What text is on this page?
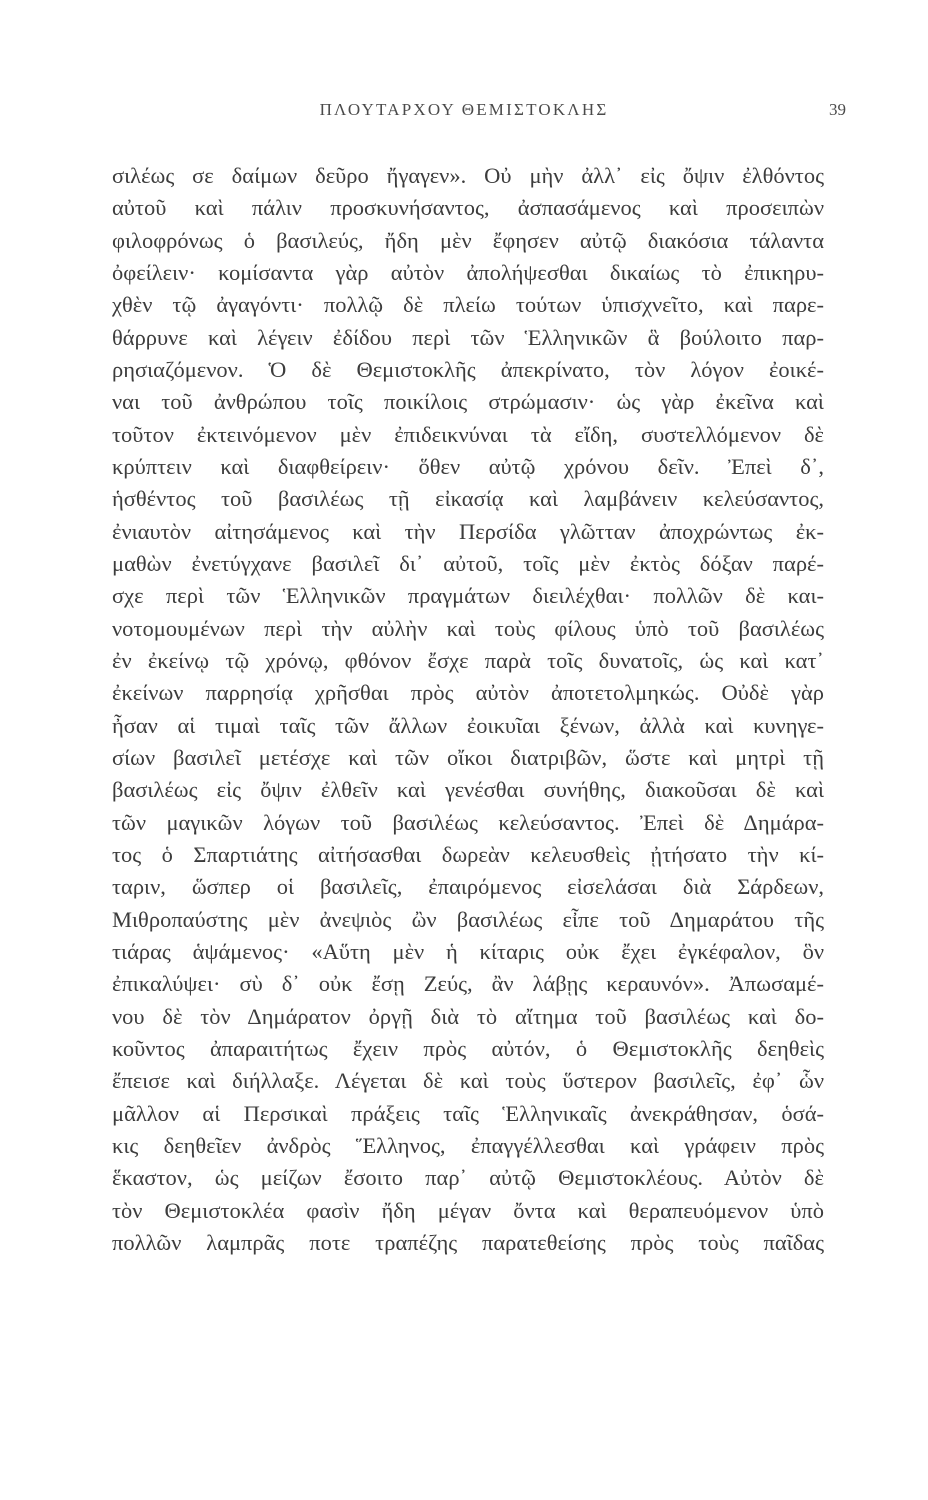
ΠΛΟΥΤΑΡΧΟΥ ΘΕΜΙΣΤΟΚΛΗΣ	39
σιλέως σε δαίμων δεῦρο ἤγαγεν». Οὐ μὴν ἀλλ᾽ εἰς ὄψιν ἐλθόντος
αὐτοῦ καὶ πάλιν προσκυνήσαντος, ἀσπασάμενος καὶ προσειπὼν
φιλοφρόνως ὁ βασιλεύς, ἤδη μὲν ἔφησεν αὐτῷ διακόσια τάλαντα
ὀφείλειν· κομίσαντα γὰρ αὐτὸν ἀπολήψεσθαι δικαίως τὸ ἐπικηρυ-
χθὲν τῷ ἀγαγόντι· πολλῷ δὲ πλείω τούτων ὑπισχνεῖτο, καὶ παρε-
θάρρυνε καὶ λέγειν ἐδίδου περὶ τῶν Ἑλληνικῶν ἃ βούλοιτο παρ-
ρησιαζόμενον. Ὁ δὲ Θεμιστοκλῆς ἀπεκρίνατο, τὸν λόγον ἐοικέ-
ναι τοῦ ἀνθρώπου τοῖς ποικίλοις στρώμασιν· ὡς γὰρ ἐκεῖνα καὶ
τοῦτον ἐκτεινόμενον μὲν ἐπιδεικνύναι τὰ εἴδη, συστελλόμενον δὲ
κρύπτειν καὶ διαφθείρειν· ὅθεν αὐτῷ χρόνου δεῖν. Ἐπεὶ δ᾽,
ἡσθέντος τοῦ βασιλέως τῇ εἰκασίᾳ καὶ λαμβάνειν κελεύσαντος,
ἐνιαυτὸν αἰτησάμενος καὶ τὴν Περσίδα γλῶτταν ἀποχρώντως ἐκ-
μαθὼν ἐνετύγχανε βασιλεῖ δι᾽ αὐτοῦ, τοῖς μὲν ἐκτὸς δόξαν παρέ-
σχε περὶ τῶν Ἑλληνικῶν πραγμάτων διειλέχθαι· πολλῶν δὲ και-
νοτομουμένων περὶ τὴν αὐλὴν καὶ τοὺς φίλους ὑπὸ τοῦ βασιλέως
ἐν ἐκείνῳ τῷ χρόνῳ, φθόνον ἔσχε παρὰ τοῖς δυνατοῖς, ὡς καὶ κατ᾽
ἐκείνων παρρησίᾳ χρῆσθαι πρὸς αὐτὸν ἀποτετολμηκώς. Οὐδὲ γὰρ
ἦσαν αἱ τιμαὶ ταῖς τῶν ἄλλων ἐοικυῖαι ξένων, ἀλλὰ καὶ κυνηγε-
σίων βασιλεῖ μετέσχε καὶ τῶν οἴκοι διατριβῶν, ὥστε καὶ μητρὶ τῇ
βασιλέως εἰς ὄψιν ἐλθεῖν καὶ γενέσθαι συνήθης, διακοῦσαι δὲ καὶ
τῶν μαγικῶν λόγων τοῦ βασιλέως κελεύσαντος. Ἐπεὶ δὲ Δημάρα-
τος ὁ Σπαρτιάτης αἰτήσασθαι δωρεὰν κελευσθεὶς ᾐτήσατο τὴν κί-
ταριν, ὥσπερ οἱ βασιλεῖς, ἐπαιρόμενος εἰσελάσαι διὰ Σάρδεων,
Μιθροπαύστης μὲν ἀνεψιὸς ὢν βασιλέως εἶπε τοῦ Δημαράτου τῆς
τιάρας ἁψάμενος· «Αὕτη μὲν ἡ κίταρις οὐκ ἔχει ἐγκέφαλον, ὃν
ἐπικαλύψει· σὺ δ᾽ οὐκ ἔσῃ Ζεύς, ἂν λάβῃς κεραυνόν». Ἀπωσαμέ-
νου δὲ τὸν Δημάρατον ὀργῇ διὰ τὸ αἴτημα τοῦ βασιλέως καὶ δο-
κοῦντος ἀπαραιτήτως ἔχειν πρὸς αὐτόν, ὁ Θεμιστοκλῆς δεηθεὶς
ἔπεισε καὶ διήλλαξε. Λέγεται δὲ καὶ τοὺς ὕστερον βασιλεῖς, ἐφ᾽ ὧν
μᾶλλον αἱ Περσικαὶ πράξεις ταῖς Ἑλληνικαῖς ἀνεκράθησαν, ὁσά-
κις δεηθεῖεν ἀνδρὸς Ἕλληνος, ἐπαγγέλλεσθαι καὶ γράφειν πρὸς
ἕκαστον, ὡς μείζων ἔσοιτο παρ᾽ αὐτῷ Θεμιστοκλέους. Αὐτὸν δὲ
τὸν Θεμιστοκλέα φασὶν ἤδη μέγαν ὄντα καὶ θεραπευόμενον ὑπὸ
πολλῶν λαμπρᾶς ποτε τραπέζης παρατεθείσης πρὸς τοὺς παῖδας
